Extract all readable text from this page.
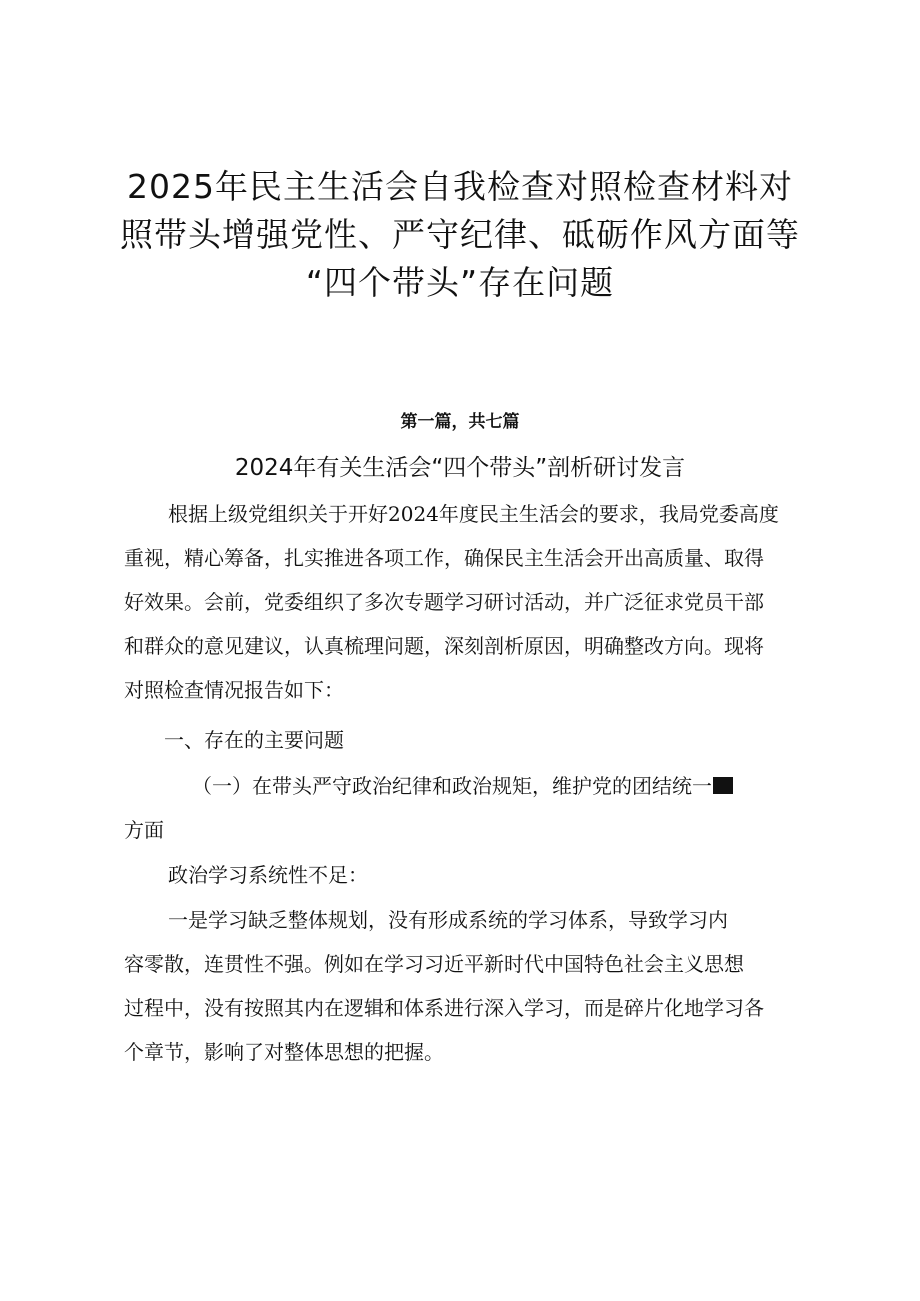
2025年民主生活会自我检查对照检查材料对
照带头增强党性、严守纪律、砥砺作风方面等
“四个带头”存在问题
第一篇，共七篇
2024年有关生活会“四个带头”剖析研讨发言
根据上级党组织关于开好2024年度民主生活会的要求，我局党委高度
重视，精心筹备，扎实推进各项工作，确保民主生活会开出高质量、取得
好效果。会前，党委组织了多次专题学习研讨活动，并广泛征求党员干部
和群众的意见建议，认真梳理问题，深刻剖析原因，明确整改方向。现将
对照检查情况报告如下：
一、存在的主要问题
（一）在带头严守政治纪律和政治规矩，维护党的团结统一
方面
政治学习系统性不足：
一是学习缺乏整体规划，没有形成系统的学习体系，导致学习内
容零散，连贯性不强。例如在学习习近平新时代中国特色社会主义思想
过程中，没有按照其内在逻辑和体系进行深入学习，而是碎片化地学习各
个章节，影响了对整体思想的把握。
